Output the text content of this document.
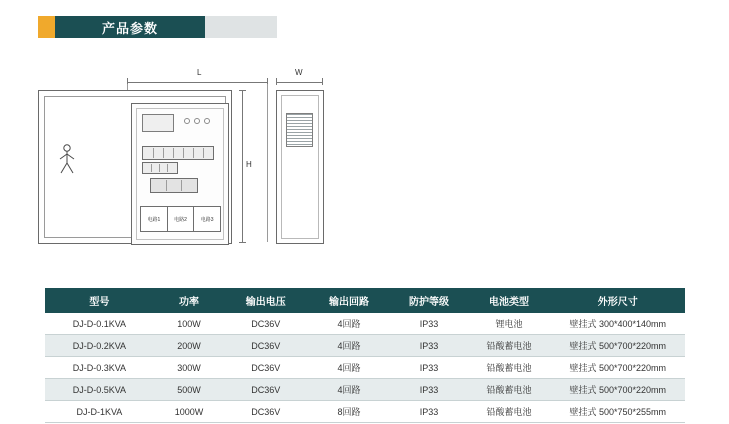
产品参数
L
电路1	电路2	电路3
H
W
型号	功率	输出电压	输出回路	防护等级	电池类型	外形尺寸
DJ-D-0.1KVA	100W	DC36V	4回路	IP33	锂电池	壁挂式 300*400*140mm
DJ-D-0.2KVA	200W	DC36V	4回路	IP33	铅酸蓄电池	壁挂式 500*700*220mm
DJ-D-0.3KVA	300W	DC36V	4回路	IP33	铅酸蓄电池	壁挂式 500*700*220mm
DJ-D-0.5KVA	500W	DC36V	4回路	IP33	铅酸蓄电池	壁挂式 500*700*220mm
DJ-D-1KVA	1000W	DC36V	8回路	IP33	铅酸蓄电池	壁挂式 500*750*255mm
